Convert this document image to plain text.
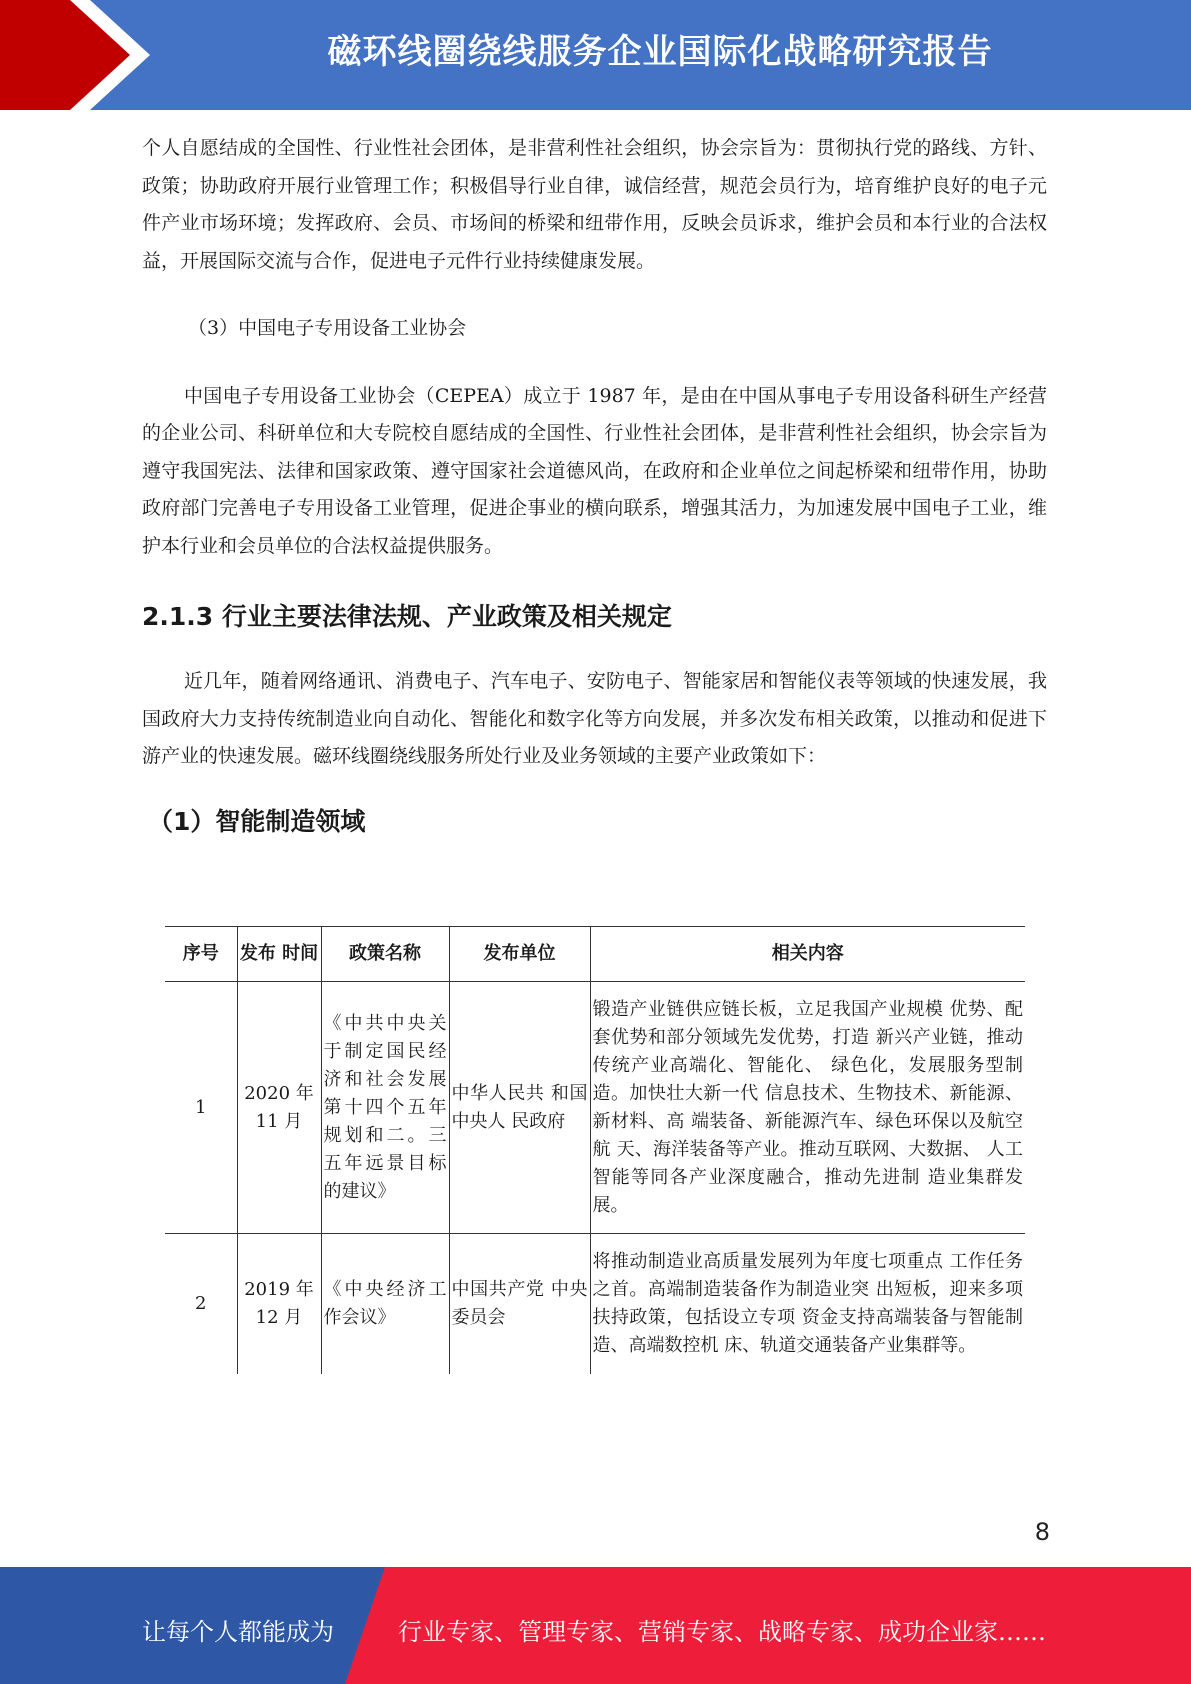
磁环线圈绕线服务企业国际化战略研究报告

个人自愿结成的全国性、行业性社会团体，是非营利性社会组织，协会宗旨为：贯彻执行党的路线、方针、政策；协助政府开展行业管理工作；积极倡导行业自律，诚信经营，规范会员行为，培育维护良好的电子元件产业市场环境；发挥政府、会员、市场间的桥梁和纽带作用，反映会员诉求，维护会员和本行业的合法权益，开展国际交流与合作，促进电子元件行业持续健康发展。

（3）中国电子专用设备工业协会

中国电子专用设备工业协会（CEPEA）成立于 1987 年，是由在中国从事电子专用设备科研生产经营的企业公司、科研单位和大专院校自愿结成的全国性、行业性社会团体，是非营利性社会组织，协会宗旨为遵守我国宪法、法律和国家政策、遵守国家社会道德风尚，在政府和企业单位之间起桥梁和纽带作用，协助政府部门完善电子专用设备工业管理，促进企事业的横向联系，增强其活力，为加速发展中国电子工业，维护本行业和会员单位的合法权益提供服务。

2.1.3 行业主要法律法规、产业政策及相关规定

近几年，随着网络通讯、消费电子、汽车电子、安防电子、智能家居和智能仪表等领域的快速发展，我国政府大力支持传统制造业向自动化、智能化和数字化等方向发展，并多次发布相关政策，以推动和促进下游产业的快速发展。磁环线圈绕线服务所处行业及业务领域的主要产业政策如下：

（1）智能制造领域
序号	发布 时间	政策名称	发布单位	相关内容
1	2020 年 11 月	《中共中央关于制定国民经济和社会发展第十四个五年规划和二。三五年远景目标的建议》	中华人民共 和国中央人 民政府	锻造产业链供应链长板，立足我国产业规模 优势、配套优势和部分领域先发优势，打造 新兴产业链，推动传统产业高端化、智能化、 绿色化，发展服务型制造。加快壮大新一代 信息技术、生物技术、新能源、新材料、高 端装备、新能源汽车、绿色环保以及航空航 天、海洋装备等产业。推动互联网、大数据、 人工智能等同各产业深度融合，推动先进制 造业集群发展。
2	2019 年 12 月	《中央经济工作会议》	中国共产党 中央委员会	将推动制造业高质量发展列为年度七项重点 工作任务之首。高端制造装备作为制造业突 出短板，迎来多项扶持政策，包括设立专项 资金支持高端装备与智能制造、高端数控机 床、轨道交通装备产业集群等。
8
让每个人都能成为	行业专家、管理专家、营销专家、战略专家、成功企业家……
